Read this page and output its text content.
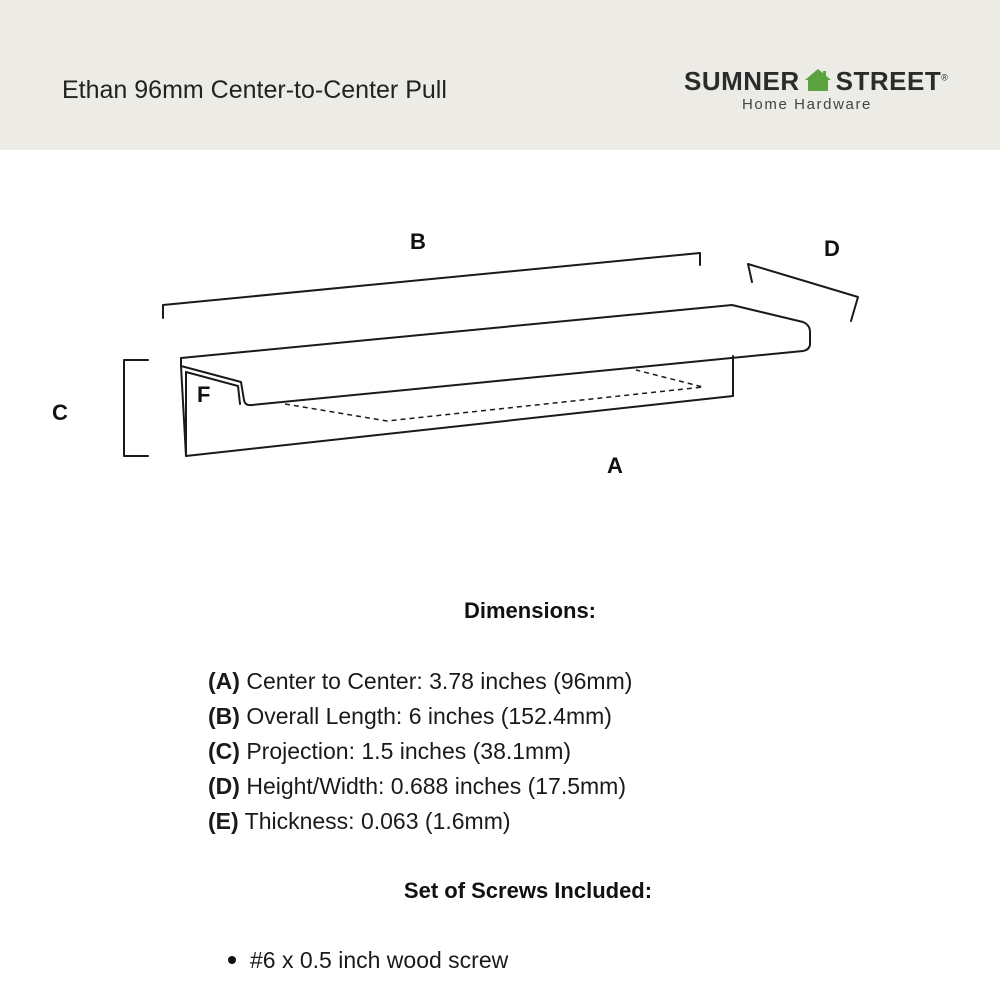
Ethan 96mm Center-to-Center Pull	SUMNER STREET®
Home Hardware
B	D
C
F
A
Dimensions:
(A) Center to Center: 3.78 inches (96mm)
(B) Overall Length: 6 inches (152.4mm)
(C) Projection: 1.5 inches (38.1mm)
(D) Height/Width: 0.688 inches (17.5mm)
(E) Thickness: 0.063 (1.6mm)
Set of Screws Included:
#6 x 0.5 inch wood screw
